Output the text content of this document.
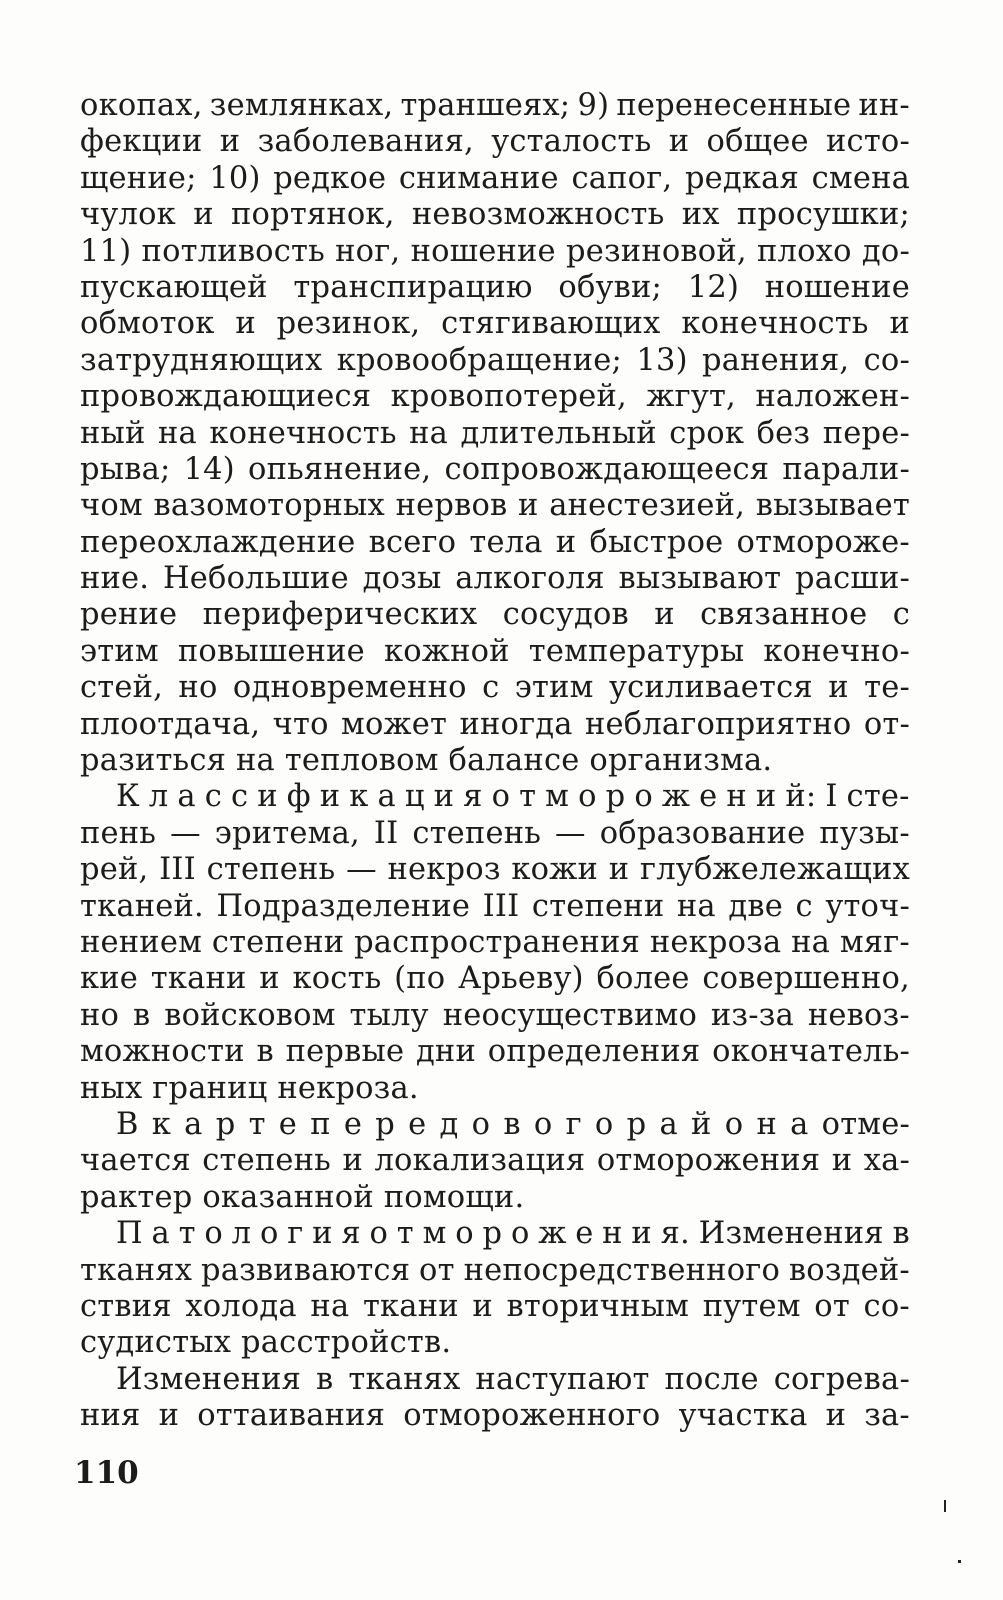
окопах, землянках, траншеях; 9) перенесенные ин-
фекции и заболевания, усталость и общее исто-
щение; 10) редкое снимание сапог, редкая смена
чулок и портянок, невозможность их просушки;
11) потливость ног, ношение резиновой, плохо до-
пускающей транспирацию обуви; 12) ношение
обмоток и резинок, стягивающих конечность и
затрудняющих кровообращение; 13) ранения, со-
провождающиеся кровопотерей, жгут, наложен-
ный на конечность на длительный срок без пере-
рыва; 14) опьянение, сопровождающееся парали-
чом вазомоторных нервов и анестезией, вызывает
переохлаждение всего тела и быстрое отмороже-
ние. Небольшие дозы алкоголя вызывают расши-
рение периферических сосудов и связанное с
этим повышение кожной температуры конечно-
стей, но одновременно с этим усиливается и те-
плоотдача, что может иногда неблагоприятно от-
разиться на тепловом балансе организма.
К л а с с и ф и к а ц и я о т м о р о ж е н и й: I сте-
пень — эритема, II степень — образование пузы-
рей, III степень — некроз кожи и глубжележащих
тканей. Подразделение III степени на две с уточ-
нением степени распространения некроза на мяг-
кие ткани и кость (по Арьеву) более совершенно,
но в войсковом тылу неосуществимо из-за невоз-
можности в первые дни определения окончатель-
ных границ некроза.
В к а р т е п е р е д о в о г о р а й о н а отме-
чается степень и локализация отморожения и ха-
рактер оказанной помощи.
П а т о л о г и я о т м о р о ж е н и я. Изменения в
тканях развиваются от непосредственного воздей-
ствия холода на ткани и вторичным путем от со-
судистых расстройств.
Изменения в тканях наступают после согрева-
ния и оттаивания отмороженного участка и за-
110
